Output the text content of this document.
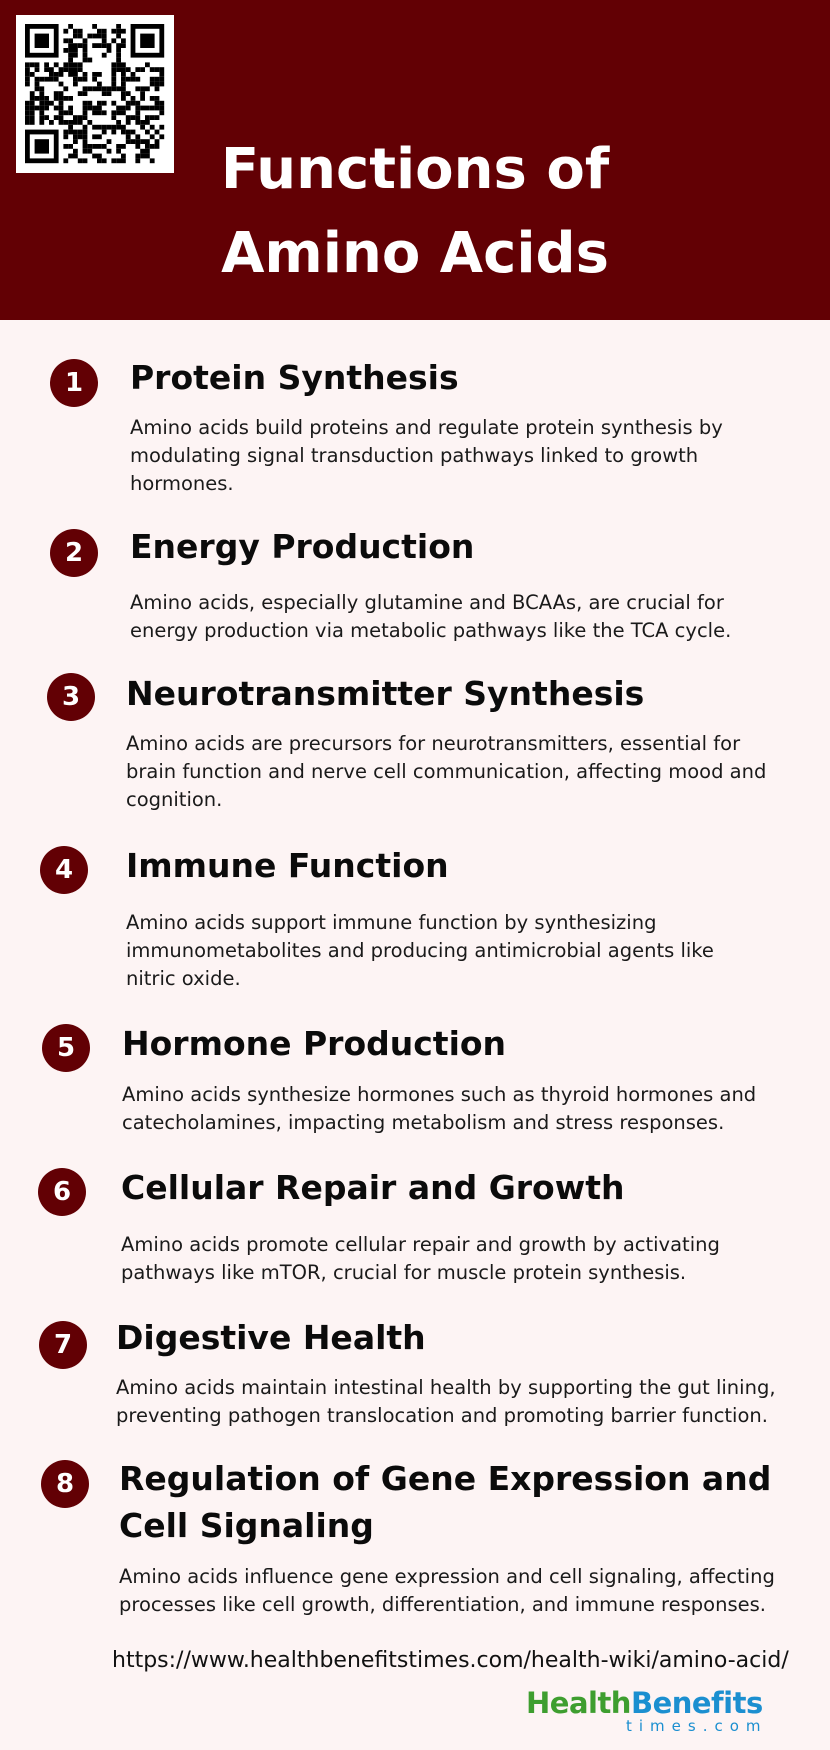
Functions of
Amino Acids
1	Protein Synthesis
Amino acids build proteins and regulate protein synthesis by
modulating signal transduction pathways linked to growth
hormones.
2	Energy Production
Amino acids, especially glutamine and BCAAs, are crucial for
energy production via metabolic pathways like the TCA cycle.
3	Neurotransmitter Synthesis
Amino acids are precursors for neurotransmitters, essential for
brain function and nerve cell communication, affecting mood and
cognition.
4	Immune Function
Amino acids support immune function by synthesizing
immunometabolites and producing antimicrobial agents like
nitric oxide.
5	Hormone Production
Amino acids synthesize hormones such as thyroid hormones and
catecholamines, impacting metabolism and stress responses.
6	Cellular Repair and Growth
Amino acids promote cellular repair and growth by activating
pathways like mTOR, crucial for muscle protein synthesis.
7	Digestive Health
Amino acids maintain intestinal health by supporting the gut lining,
preventing pathogen translocation and promoting barrier function.
8	Regulation of Gene Expression and
Cell Signaling
Amino acids influence gene expression and cell signaling, affecting
processes like cell growth, differentiation, and immune responses.
https://www.healthbenefitstimes.com/health-wiki/amino-acid/
HealthBenefits
times.com
